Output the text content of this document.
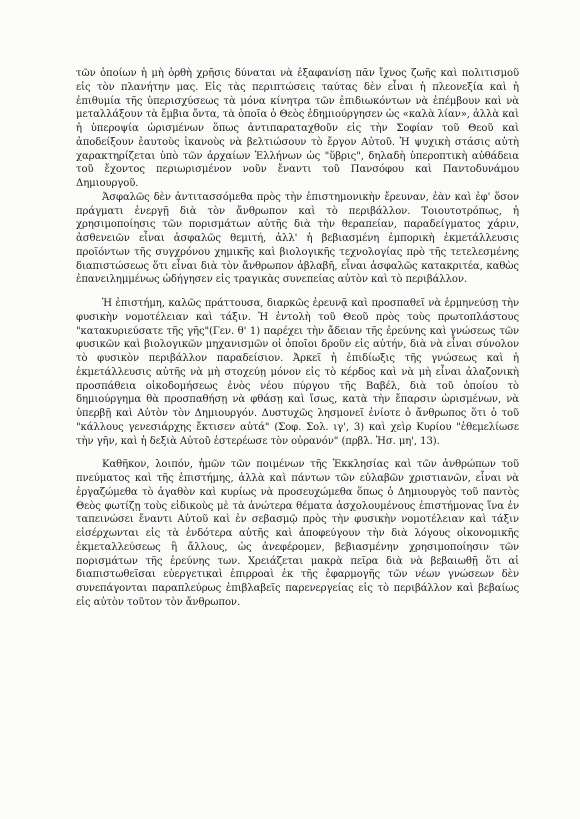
τῶν ὁποίων ἡ μὴ ὀρθὴ χρῆσις δύναται νὰ ἐξαφανίσῃ πᾶν ἴχνος ζωῆς καὶ πολιτισμοῦ εἰς τὸν πλανήτην μας. Εἰς τὰς περιπτώσεις ταύτας δὲν εἶναι ἡ πλεονεξία καὶ ἡ ἐπιθυμία τῆς ὑπερισχύσεως τὰ μόνα κίνητρα τῶν ἐπιδιωκόντων νὰ ἐπέμβουν καὶ νὰ μεταλλάξουν τὰ ἔμβια ὄντα, τὰ ὁποῖα ὁ Θεὸς ἐδημιούργησεν ὡς «καλὰ λίαν», ἀλλὰ καὶ ἡ ὑπεροψία ὡρισμένων ὅπως ἀντιπαραταχθοῦν εἰς τὴν Σοφίαν τοῦ Θεοῦ καὶ ἀποδείξουν ἑαυτοὺς ἱκανοὺς νὰ βελτιώσουν τὸ ἔργον Αὐτοῦ. Ἡ ψυχικὴ στάσις αὐτὴ χαρακτηρίζεται ὑπὸ τῶν ἀρχαίων Ἑλλήνων ὡς "ὕβρις", δηλαδὴ ὑπεροπτικὴ αὐθάδεια τοῦ ἔχοντος περιωρισμένον νοῦν ἔναντι τοῦ Πανσόφου καὶ Παντοδυνάμου Δημιουργοῦ.

Ἀσφαλῶς δὲν ἀντιτασσόμεθα πρὸς τὴν ἐπιστημονικὴν ἔρευναν, ἐὰν καὶ ἐφ' ὅσον πράγματι ἐνεργῇ διὰ τὸν ἄνθρωπον καὶ τὸ περιβάλλον. Τοιουτοτρόπως, ἡ χρησιμοποίησις τῶν πορισμάτων αὐτῆς διὰ τὴν θεραπείαν, παραδείγματος χάριν, ἀσθενειῶν εἶναι ἀσφαλῶς θεμιτή, ἀλλ' ἡ βεβιασμένη ἐμπορικὴ ἐκμετάλλευσις προϊόντων τῆς συγχρόνου χημικῆς καὶ βιολογικῆς τεχνολογίας πρὸ τῆς τετελεσμένης διαπιστώσεως ὅτι εἶναι διὰ τὸν ἄνθρωπον ἀβλαβῆ, εἶναι ἀσφαλῶς κατακριτέα, καθὼς ἐπανειλημμένως ὡδήγησεν εἰς τραγικὰς συνεπείας αὐτὸν καὶ τὸ περιβάλλον.

Ἡ ἐπιστήμη, καλῶς πράττουσα, διαρκῶς ἐρευνᾷ καὶ προσπαθεῖ νὰ ἑρμηνεύσῃ τὴν φυσικὴν νομοτέλειαν καὶ τάξιν. Ἡ ἐντολὴ τοῦ Θεοῦ πρὸς τοὺς πρωτοπλάστους "κατακυριεύσατε τῆς γῆς"(Γεν. θ' 1) παρέχει τὴν ἄδειαν τῆς ἐρεύνης καὶ γνώσεως τῶν φυσικῶν καὶ βιολογικῶν μηχανισμῶν οἱ ὁποῖοι δροῦν εἰς αὐτήν, διὰ νὰ εἶναι σύνολον τὸ φυσικὸν περιβάλλον παραδείσιον. Ἀρκεῖ ἡ ἐπιδίωξις τῆς γνώσεως καὶ ἡ ἐκμετάλλευσις αὐτῆς νὰ μὴ στοχεύῃ μόνον εἰς τὸ κέρδος καὶ νὰ μὴ εἶναι ἀλαζονικὴ προσπάθεια οἰκοδομήσεως ἑνὸς νέου πύργου τῆς Βαβέλ, διὰ τοῦ ὁποίου τὸ δημιούργημα θὰ προσπαθήσῃ νὰ φθάσῃ καὶ ἴσως, κατὰ τὴν ἔπαρσιν ὡρισμένων, νὰ ὑπερβῇ καὶ Αὐτὸν τὸν Δημιουργόν. Δυστυχῶς λησμονεῖ ἐνίοτε ὁ ἄνθρωπος ὅτι ὁ τοῦ "κάλλους γενεσιάρχης ἔκτισεν αὐτά" (Σοφ. Σολ. ιγ', 3) καὶ χεὶρ Κυρίου "ἐθεμελίωσε τὴν γῆν, καὶ ἡ δεξιὰ Αὐτοῦ ἐστερέωσε τὸν οὐρανόν" (πρβλ. Ἡσ. μη', 13).

Καθῆκον, λοιπόν, ἡμῶν τῶν ποιμένων τῆς Ἐκκλησίας καὶ τῶν ἀνθρώπων τοῦ πνεύματος καὶ τῆς ἐπιστήμης, ἀλλὰ καὶ πάντων τῶν εὐλαβῶν χριστιανῶν, εἶναι νὰ ἐργαζώμεθα τὸ ἀγαθὸν καὶ κυρίως νὰ προσευχώμεθα ὅπως ὁ Δημιουργὸς τοῦ παντὸς Θεὸς φωτίζῃ τοὺς εἰδικοὺς μὲ τὰ ἀνώτερα θέματα ἀσχολουμένους ἐπιστήμονας ἵνα ἐν ταπεινώσει ἔναντι Αὐτοῦ καὶ ἐν σεβασμῷ πρὸς τὴν φυσικὴν νομοτέλειαν καὶ τάξιν εἰσέρχωνται εἰς τὰ ἐνδότερα αὐτῆς καὶ ἀποφεύγουν τὴν διὰ λόγους οἰκονομικῆς ἐκμεταλλεύσεως ἢ ἄλλους, ὡς ἀνεφέρομεν, βεβιασμένην χρησιμοποίησιν τῶν πορισμάτων τῆς ἐρεύνης των. Χρειάζεται μακρὰ πεῖρα διὰ νὰ βεβαιωθῇ ὅτι αἱ διαπιστωθεῖσαι εὐεργετικαὶ ἐπιρροαὶ ἐκ τῆς ἐφαρμογῆς τῶν νέων γνώσεων δὲν συνεπάγονται παραπλεύρως ἐπιβλαβεῖς παρενεργείας εἰς τὸ περιβάλλον καὶ βεβαίως εἰς αὐτὸν τοῦτον τὸν ἄνθρωπον.
